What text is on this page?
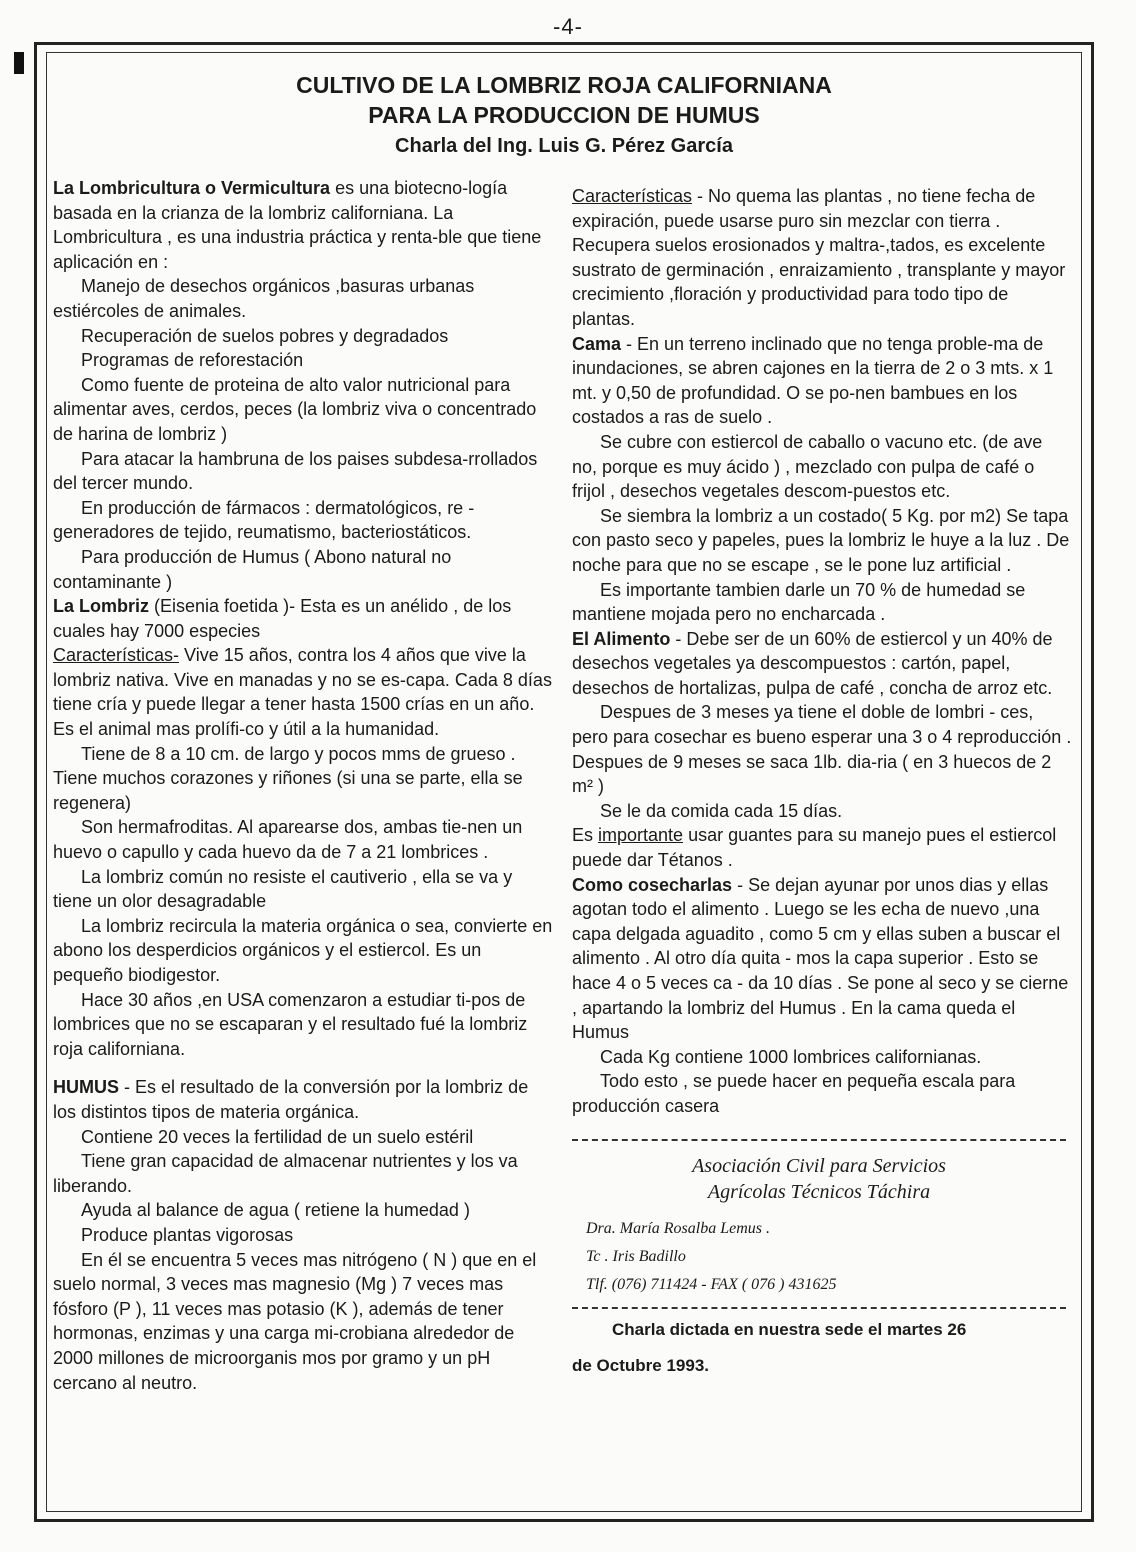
-4-
CULTIVO DE LA LOMBRIZ ROJA CALIFORNIANA
PARA LA PRODUCCION DE HUMUS
Charla del Ing. Luis G. Pérez García

La Lombricultura o Vermicultura es una biotecno-logía basada en la crianza de la lombriz californiana. La Lombricultura , es una industria práctica y renta-ble que tiene aplicación en :

Manejo de desechos orgánicos ,basuras urbanas estiércoles de animales.

Recuperación de suelos pobres y degradados

Programas de reforestación

Como fuente de proteina de alto valor nutricional para alimentar aves, cerdos, peces (la lombriz viva o concentrado de harina de lombriz )

Para atacar la hambruna de los paises subdesa-rrollados del tercer mundo.

En producción de fármacos : dermatológicos, re - generadores de tejido, reumatismo, bacteriostáticos.

Para producción de Humus ( Abono natural no contaminante )

La Lombriz (Eisenia foetida )- Esta es un anélido , de los cuales hay 7000 especies

Características- Vive 15 años, contra los 4 años que vive la lombriz nativa. Vive en manadas y no se es-capa. Cada 8 días tiene cría y puede llegar a tener hasta 1500 crías en un año. Es el animal mas prolífi-co y útil a la humanidad.

Tiene de 8 a 10 cm. de largo y pocos mms de grueso . Tiene muchos corazones y riñones (si una se parte, ella se regenera)

Son hermafroditas. Al aparearse dos, ambas tie-nen un huevo o capullo y cada huevo da de 7 a 21 lombrices .

La lombriz común no resiste el cautiverio , ella se va y tiene un olor desagradable

La lombriz recircula la materia orgánica o sea, convierte en abono los desperdicios orgánicos y el estiercol. Es un pequeño biodigestor.

Hace 30 años ,en USA comenzaron a estudiar ti-pos de lombrices que no se escaparan y el resultado fué la lombriz roja californiana.

HUMUS - Es el resultado de la conversión por la lombriz de los distintos tipos de materia orgánica.

Contiene 20 veces la fertilidad de un suelo estéril

Tiene gran capacidad de almacenar nutrientes y los va liberando.

Ayuda al balance de agua ( retiene la humedad )

Produce plantas vigorosas

En él se encuentra 5 veces mas nitrógeno ( N ) que en el suelo normal, 3 veces mas magnesio (Mg ) 7 veces mas fósforo (P ), 11 veces mas potasio (K ), además de tener hormonas, enzimas y una carga mi-crobiana alrededor de 2000 millones de microorganis mos por gramo y un pH cercano al neutro.

Características - No quema las plantas , no tiene fecha de expiración, puede usarse puro sin mezclar con tierra . Recupera suelos erosionados y maltra-,tados, es excelente sustrato de germinación , enraizamiento , transplante y mayor crecimiento ,floración y productividad para todo tipo de plantas.

Cama - En un terreno inclinado que no tenga proble-ma de inundaciones, se abren cajones en la tierra de 2 o 3 mts. x 1 mt. y 0,50 de profundidad. O se po-nen bambues en los costados a ras de suelo .

Se cubre con estiercol de caballo o vacuno etc. (de ave no, porque es muy ácido ) , mezclado con pulpa de café o frijol , desechos vegetales descom-puestos etc.

Se siembra la lombriz a un costado( 5 Kg. por m2) Se tapa con pasto seco y papeles, pues la lombriz le huye a la luz . De noche para que no se escape , se le pone luz artificial .

Es importante tambien darle un 70 % de humedad se mantiene mojada pero no encharcada .

El Alimento - Debe ser de un 60% de estiercol y un 40% de desechos vegetales ya descompuestos : cartón, papel, desechos de hortalizas, pulpa de café , concha de arroz etc.

Despues de 3 meses ya tiene el doble de lombri - ces, pero para cosechar es bueno esperar una 3 o 4 reproducción . Despues de 9 meses se saca 1lb. dia-ria ( en 3 huecos de 2 m² )

Se le da comida cada 15 días.

Es importante usar guantes para su manejo pues el estiercol puede dar Tétanos .

Como cosecharlas - Se dejan ayunar por unos dias y ellas agotan todo el alimento . Luego se les echa de nuevo ,una capa delgada aguadito , como 5 cm y ellas suben a buscar el alimento . Al otro día quita - mos la capa superior . Esto se hace 4 o 5 veces ca - da 10 días . Se pone al seco y se cierne , apartando la lombriz del Humus . En la cama queda el Humus

Cada Kg contiene 1000 lombrices californianas.

Todo esto , se puede hacer en pequeña escala para producción casera

Asociación Civil para Servicios
Agrícolas Técnicos Táchira
Dra. María Rosalba Lemus .
Tc . Iris Badillo
Tlf. (076) 711424 - FAX ( 076 ) 431625
Charla dictada en nuestra sede el martes 26
de Octubre 1993.
